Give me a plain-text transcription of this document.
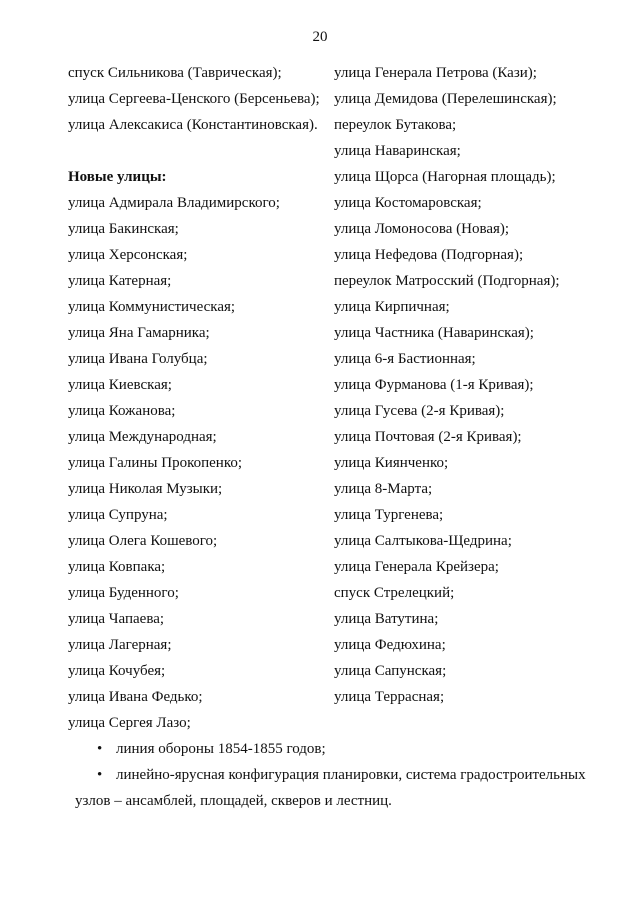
20
спуск Сильникова (Таврическая);
улица Сергеева-Ценского (Берсеньева);
улица Алексакиса (Константиновская).
Новые улицы:
улица Адмирала Владимирского;
улица Бакинская;
улица Херсонская;
улица Катерная;
улица Коммунистическая;
улица Яна Гамарника;
улица Ивана Голубца;
улица Киевская;
улица Кожанова;
улица Международная;
улица Галины Прокопенко;
улица Николая Музыки;
улица Супруна;
улица Олега Кошевого;
улица Ковпака;
улица Буденного;
улица Чапаева;
улица Лагерная;
улица Кочубея;
улица Ивана Федько;
улица Сергея Лазо;
улица Генерала Петрова (Кази);
улица Демидова (Перелешинская);
переулок Бутакова;
улица Наваринская;
улица Щорса (Нагорная площадь);
улица Костомаровская;
улица Ломоносова (Новая);
улица Нефедова (Подгорная);
переулок Матросский (Подгорная);
улица Кирпичная;
улица Частника (Наваринская);
улица 6-я Бастионная;
улица Фурманова (1-я Кривая);
улица Гусева (2-я Кривая);
улица Почтовая (2-я Кривая);
улица Киянченко;
улица 8-Марта;
улица Тургенева;
улица Салтыкова-Щедрина;
улица Генерала Крейзера;
спуск Стрелецкий;
улица Ватутина;
улица Федюхина;
улица Сапунская;
улица Террасная;
• линия обороны 1854-1855 годов;
• линейно-ярусная конфигурация планировки, система градостроительных
узлов – ансамблей, площадей, скверов и лестниц.
